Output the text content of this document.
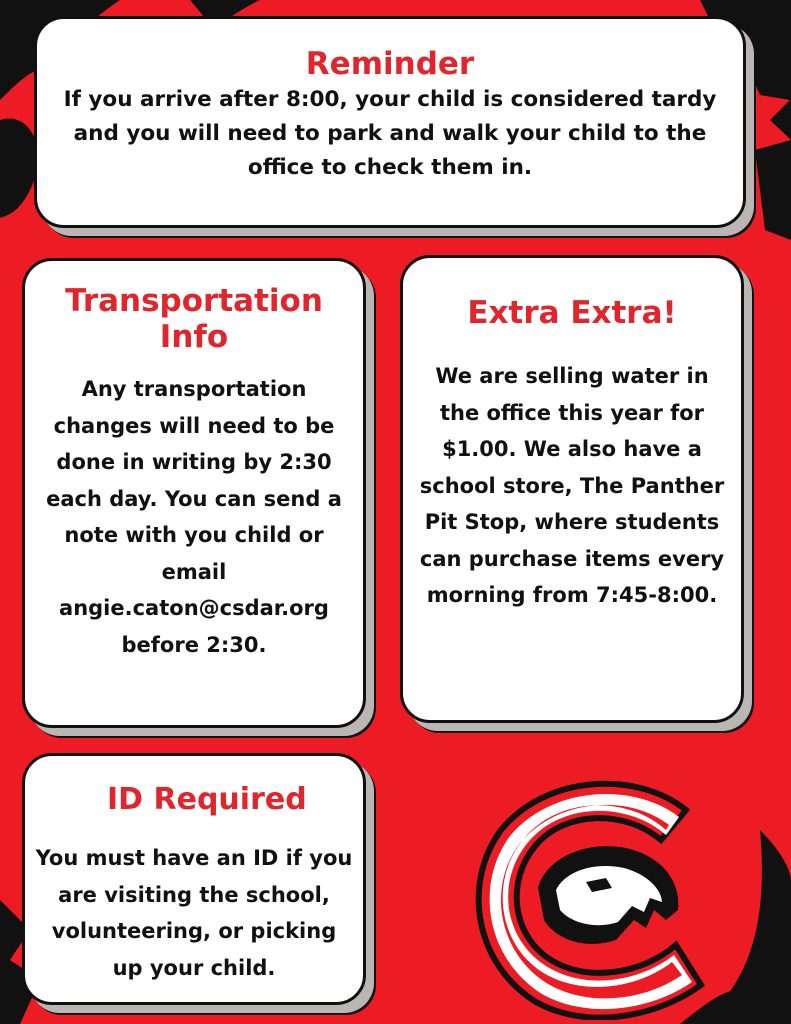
Reminder

If you arrive after 8:00, your child is considered tardy and you will need to park and walk your child to the office to check them in.

Transportation Info

Any transportation changes will need to be done in writing by 2:30 each day. You can send a note with you child or email angie.caton@csdar.org before 2:30.

Extra Extra!

We are selling water in the office this year for $1.00. We also have a school store, The Panther Pit Stop, where students can purchase items every morning from 7:45-8:00.

ID Required

You must have an ID if you are visiting the school, volunteering, or picking up your child.
